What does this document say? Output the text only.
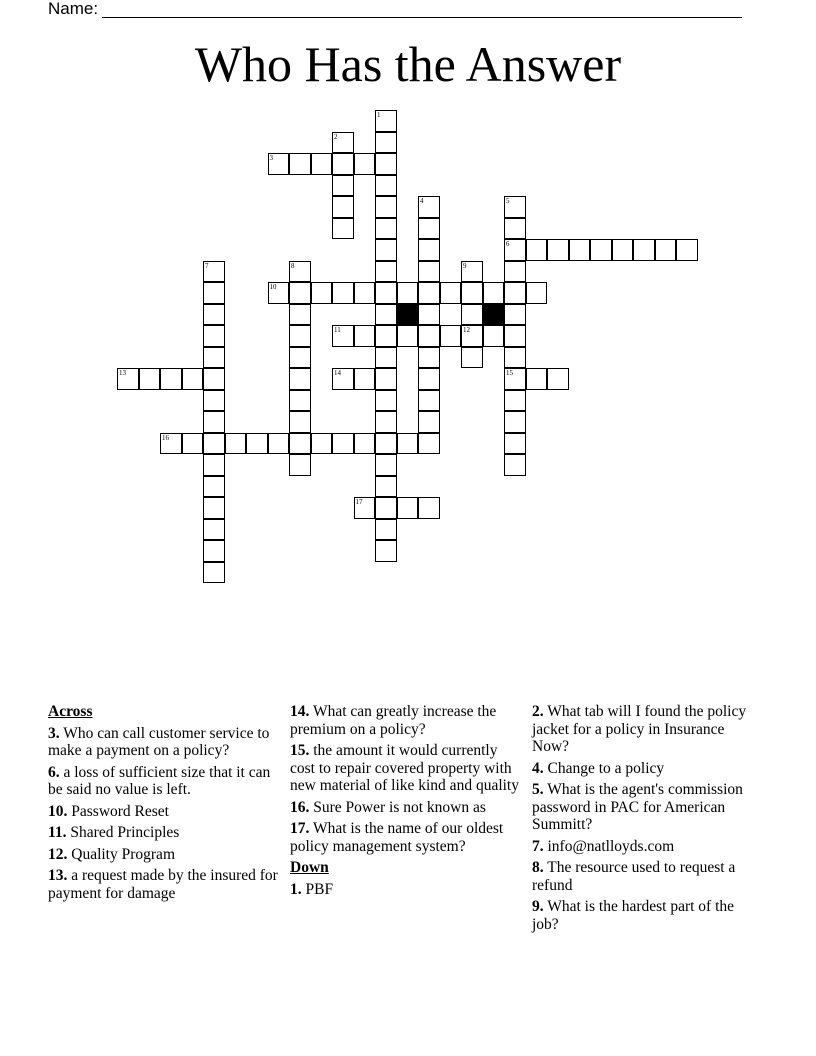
Name:
Who Has the Answer
3
6
10
11	12
13	14	15
16
17
1
2
4	5
7	8	9
Across
3. Who can call customer service to make a payment on a policy?
6. a loss of sufficient size that it can be said no value is left.
10. Password Reset
11. Shared Principles
12. Quality Program
13. a request made by the insured for payment for damage
14. What can greatly increase the premium on a policy?
15. the amount it would currently cost to repair covered property with new material of like kind and quality
16. Sure Power is not known as
17. What is the name of our oldest policy management system?
Down
1. PBF
2. What tab will I found the policy jacket for a policy in Insurance Now?
4. Change to a policy
5. What is the agent's commission password in PAC for American Summitt?
7. info@natlloyds.com
8. The resource used to request a refund
9. What is the hardest part of the job?
